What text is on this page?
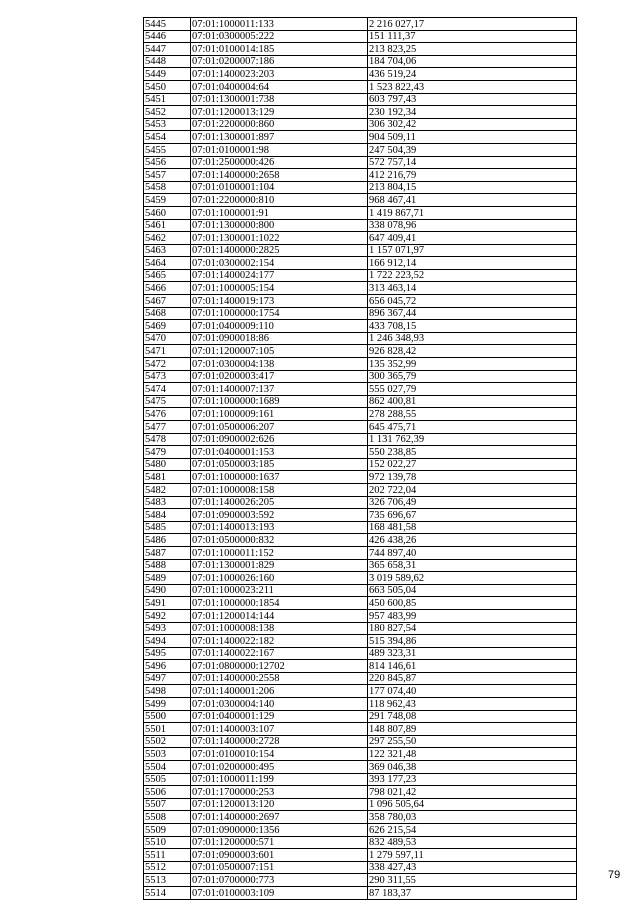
5445	07:01:1000011:133	2 216 027,17
5446	07:01:0300005:222	151 111,37
5447	07:01:0100014:185	213 823,25
5448	07:01:0200007:186	184 704,06
5449	07:01:1400023:203	436 519,24
5450	07:01:0400004:64	1 523 822,43
5451	07:01:1300001:738	603 797,43
5452	07:01:1200013:129	230 192,34
5453	07:01:2200000:860	306 302,42
5454	07:01:1300001:897	904 509,11
5455	07:01:0100001:98	247 504,39
5456	07:01:2500000:426	572 757,14
5457	07:01:1400000:2658	412 216,79
5458	07:01:0100001:104	213 804,15
5459	07:01:2200000:810	968 467,41
5460	07:01:1000001:91	1 419 867,71
5461	07:01:1300000:800	338 078,96
5462	07:01:1300001:1022	647 409,41
5463	07:01:1400000:2825	1 157 071,97
5464	07:01:0300002:154	166 912,14
5465	07:01:1400024:177	1 722 223,52
5466	07:01:1000005:154	313 463,14
5467	07:01:1400019:173	656 045,72
5468	07:01:1000000:1754	896 367,44
5469	07:01:0400009:110	433 708,15
5470	07:01:0900018:86	1 246 348,93
5471	07:01:1200007:105	926 828,42
5472	07:01:0300004:138	135 352,99
5473	07:01:0200003:417	300 365,79
5474	07:01:1400007:137	555 027,79
5475	07:01:1000000:1689	862 400,81
5476	07:01:1000009:161	278 288,55
5477	07:01:0500006:207	645 475,71
5478	07:01:0900002:626	1 131 762,39
5479	07:01:0400001:153	550 238,85
5480	07:01:0500003:185	152 022,27
5481	07:01:1000000:1637	972 139,78
5482	07:01:1000008:158	202 722,04
5483	07:01:1400026:205	326 706,49
5484	07:01:0900003:592	735 696,67
5485	07:01:1400013:193	168 481,58
5486	07:01:0500000:832	426 438,26
5487	07:01:1000011:152	744 897,40
5488	07:01:1300001:829	365 658,31
5489	07:01:1000026:160	3 019 589,62
5490	07:01:1000023:211	663 505,04
5491	07:01:1000000:1854	450 600,85
5492	07:01:1200014:144	957 483,99
5493	07:01:1000008:138	180 827,54
5494	07:01:1400022:182	515 394,86
5495	07:01:1400022:167	489 323,31
5496	07:01:0800000:12702	814 146,61
5497	07:01:1400000:2558	220 845,87
5498	07:01:1400001:206	177 074,40
5499	07:01:0300004:140	118 962,43
5500	07:01:0400001:129	291 748,08
5501	07:01:1400003:107	148 807,89
5502	07:01:1400000:2728	297 255,50
5503	07:01:0100010:154	122 321,48
5504	07:01:0200000:495	369 046,38
5505	07:01:1000011:199	393 177,23
5506	07:01:1700000:253	798 021,42
5507	07:01:1200013:120	1 096 505,64
5508	07:01:1400000:2697	358 780,03
5509	07:01:0900000:1356	626 215,54
5510	07:01:1200000:571	832 489,53
5511	07:01:0900003:601	1 279 597,11
5512	07:01:0500007:151	338 427,43
5513	07:01:0700000:773	290 311,55
5514	07:01:0100003:109	87 183,37
79
